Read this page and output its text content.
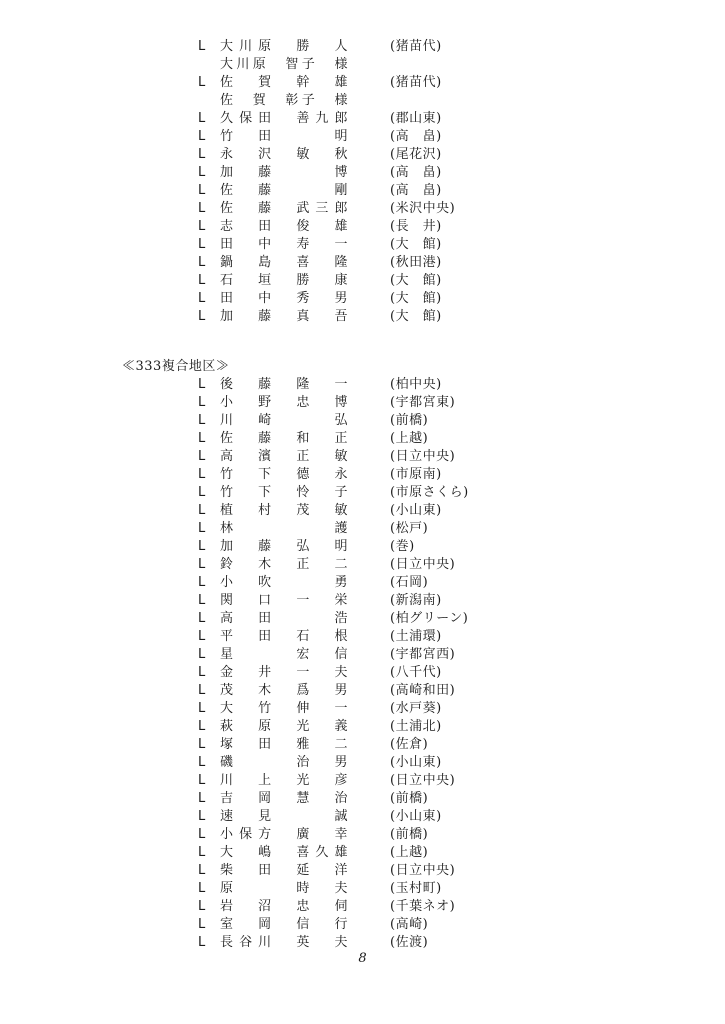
L 大川原　勝　人	(猪苗代)
大川原　智子　様
L 佐　賀　幹　雄	(猪苗代)
佐　賀　彰子　様
L 久保田　善九郎	(郡山東)
L 竹　田　　　明	(高　畠)
L 永　沢　敏　秋	(尾花沢)
L 加　藤　　　博	(高　畠)
L 佐　藤　　　剛	(高　畠)
L 佐　藤　武三郎	(米沢中央)
L 志　田　俊　雄	(長　井)
L 田　中　寿　一	(大　館)
L 鍋　島　喜　隆	(秋田港)
L 石　垣　勝　康	(大　館)
L 田　中　秀　男	(大　館)
L 加　藤　真　吾	(大　館)
≪333複合地区≫
L 後　藤　隆　一	(柏中央)
L 小　野　忠　博	(宇都宮東)
L 川　崎　　　弘	(前橋)
L 佐　藤　和　正	(上越)
L 高　濱　正　敏	(日立中央)
L 竹　下　德　永	(市原南)
L 竹　下　怜　子	(市原さくら)
L 植　村　茂　敏	(小山東)
L 林　　　　　護	(松戸)
L 加　藤　弘　明	(巻)
L 鈴　木　正　二	(日立中央)
L 小　吹　　　勇	(石岡)
L 関　口　一　栄	(新潟南)
L 高　田　　　浩	(柏グリーン)
L 平　田　石　根	(土浦環)
L 星　　　宏　信	(宇都宮西)
L 金　井　一　夫	(八千代)
L 茂　木　爲　男	(高崎和田)
L 大　竹　伸　一	(水戸葵)
L 萩　原　光　義	(土浦北)
L 塚　田　雅　二	(佐倉)
L 磯　　　治　男	(小山東)
L 川　上　光　彦	(日立中央)
L 吉　岡　慧　治	(前橋)
L 速　見　　　誠	(小山東)
L 小保方　廣　幸	(前橋)
L 大　嶋　喜久雄	(上越)
L 柴　田　延　洋	(日立中央)
L 原　　　時　夫	(玉村町)
L 岩　沼　忠　伺	(千葉ネオ)
L 室　岡　信　行	(高崎)
L 長谷川　英　夫	(佐渡)
8
